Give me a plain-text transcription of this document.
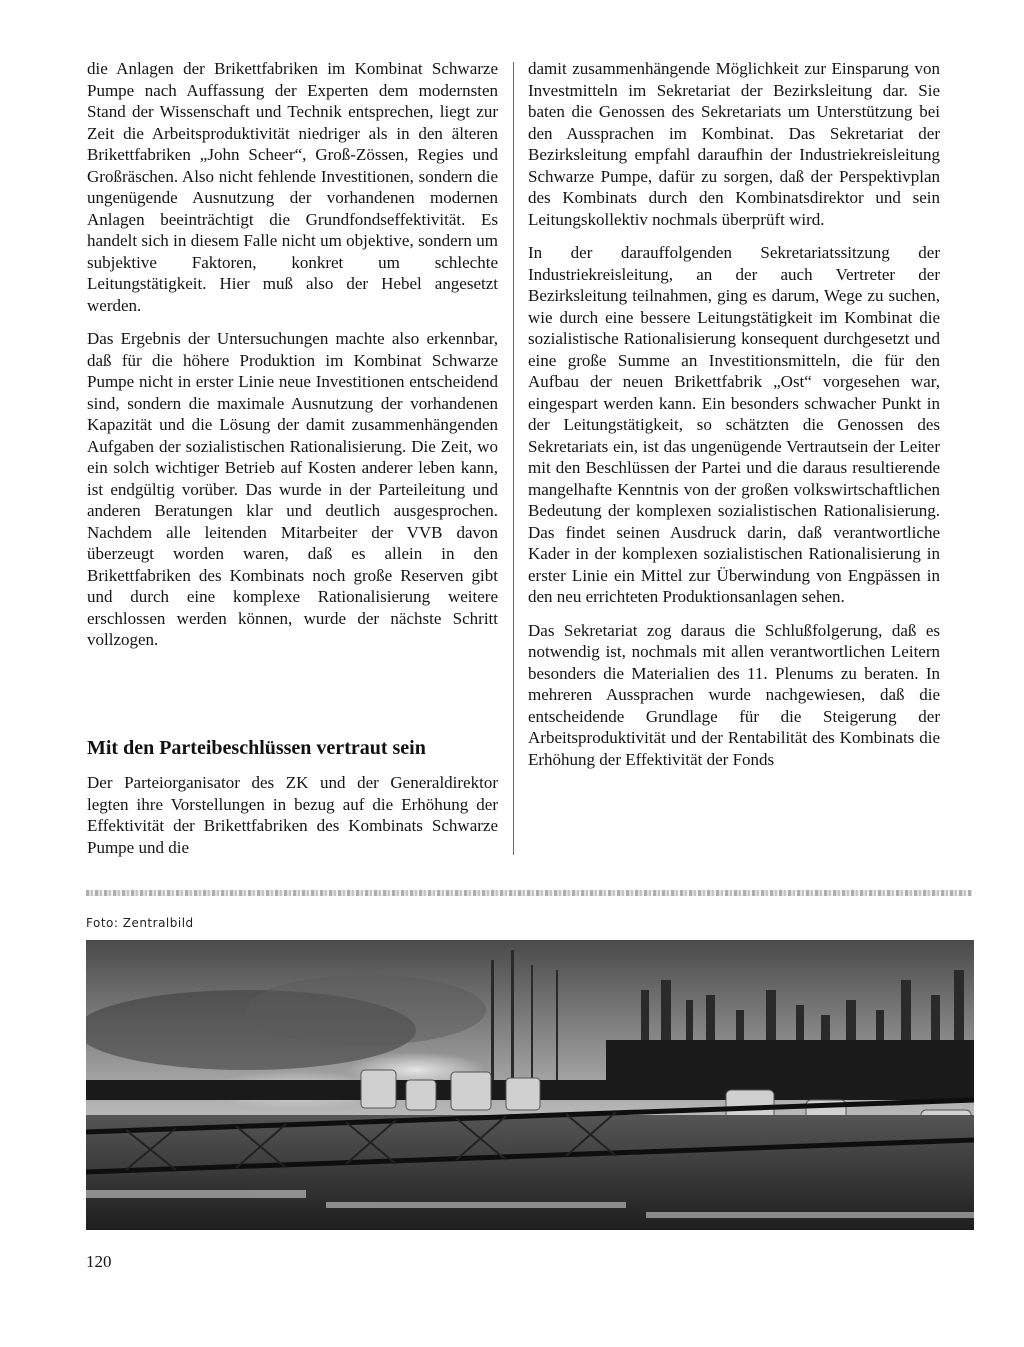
die Anlagen der Brikettfabriken im Kombinat Schwarze Pumpe nach Auffassung der Experten dem modernsten Stand der Wissenschaft und Technik entsprechen, liegt zur Zeit die Arbeitsproduktivität niedriger als in den älteren Brikettfabriken „John Scheer“, Groß-Zössen, Regies und Großräschen. Also nicht fehlende Investitionen, sondern die ungenügende Ausnutzung der vorhandenen modernen Anlagen beeinträchtigt die Grundfondseffektivität. Es handelt sich in diesem Falle nicht um objektive, sondern um subjektive Faktoren, konkret um schlechte Leitungstätigkeit. Hier muß also der Hebel angesetzt werden.

Das Ergebnis der Untersuchungen machte also erkennbar, daß für die höhere Produktion im Kombinat Schwarze Pumpe nicht in erster Linie neue Investitionen entscheidend sind, sondern die maximale Ausnutzung der vorhandenen Kapazität und die Lösung der damit zusammenhängenden Aufgaben der sozialistischen Rationalisierung. Die Zeit, wo ein solch wichtiger Betrieb auf Kosten anderer leben kann, ist endgültig vorüber. Das wurde in der Parteileitung und anderen Beratungen klar und deutlich ausgesprochen. Nachdem alle leitenden Mitarbeiter der VVB davon überzeugt worden waren, daß es allein in den Brikettfabriken des Kombinats noch große Reserven gibt und durch eine komplexe Rationalisierung weitere erschlossen werden können, wurde der nächste Schritt vollzogen.

Mit den Parteibeschlüssen vertraut sein

Der Parteiorganisator des ZK und der Generaldirektor legten ihre Vorstellungen in bezug auf die Erhöhung der Effektivität der Brikettfabriken des Kombinats Schwarze Pumpe und die

damit zusammenhängende Möglichkeit zur Einsparung von Investmitteln im Sekretariat der Bezirksleitung dar. Sie baten die Genossen des Sekretariats um Unterstützung bei den Aussprachen im Kombinat. Das Sekretariat der Bezirksleitung empfahl daraufhin der Industriekreisleitung Schwarze Pumpe, dafür zu sorgen, daß der Perspektivplan des Kombinats durch den Kombinatsdirektor und sein Leitungskollektiv nochmals überprüft wird.

In der darauffolgenden Sekretariatssitzung der Industriekreisleitung, an der auch Vertreter der Bezirksleitung teilnahmen, ging es darum, Wege zu suchen, wie durch eine bessere Leitungstätigkeit im Kombinat die sozialistische Rationalisierung konsequent durchgesetzt und eine große Summe an Investitionsmitteln, die für den Aufbau der neuen Brikettfabrik „Ost“ vorgesehen war, eingespart werden kann. Ein besonders schwacher Punkt in der Leitungstätigkeit, so schätzten die Genossen des Sekretariats ein, ist das ungenügende Vertrautsein der Leiter mit den Beschlüssen der Partei und die daraus resultierende mangelhafte Kenntnis von der großen volkswirtschaftlichen Bedeutung der komplexen sozialistischen Rationalisierung. Das findet seinen Ausdruck darin, daß verantwortliche Kader in der komplexen sozialistischen Rationalisierung in erster Linie ein Mittel zur Überwindung von Engpässen in den neu errichteten Produktionsanlagen sehen.

Das Sekretariat zog daraus die Schlußfolgerung, daß es notwendig ist, nochmals mit allen verantwortlichen Leitern besonders die Materialien des 11. Plenums zu beraten. In mehreren Aussprachen wurde nachgewiesen, daß die entscheidende Grundlage für die Steigerung der Arbeitsproduktivität und der Rentabilität des Kombinats die Erhöhung der Effektivität der Fonds

Foto: Zentralbild
120
